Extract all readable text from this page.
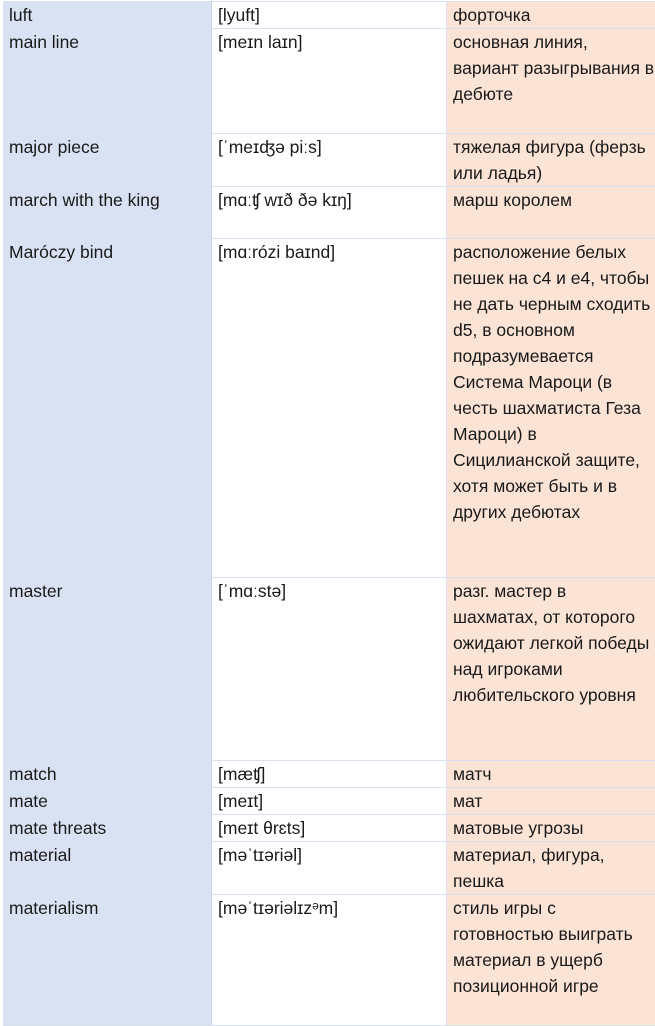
luft	[lyuft]	форточка
main line	[meɪn laɪn]	основная линия, вариант разыгрывания в дебюте
major piece	[ˈmeɪʤə piːs]	тяжелая фигура (ферзь или ладья)
march with the king	[mɑːʧ wɪð ðə kɪŋ]	марш королем
Maróczy bind	[mɑːrózi baɪnd]	расположение белых пешек на c4 и e4, чтобы не дать черным сходить d5, в основном подразумевается Система Мароци (в честь шахматиста Геза Мароци) в Сицилианской защите, хотя может быть и в других дебютах
master	[ˈmɑːstə]	разг. мастер в шахматах, от которого ожидают легкой победы над игроками любительского уровня
match	[mæʧ]	матч
mate	[meɪt]	мат
mate threats	[meɪt θrɛts]	матовые угрозы
material	[məˈtɪəriəl]	материал, фигура, пешка
materialism	[məˈtɪəriəlɪzᵊm]	стиль игры с готовностью выиграть материал в ущерб позиционной игре
